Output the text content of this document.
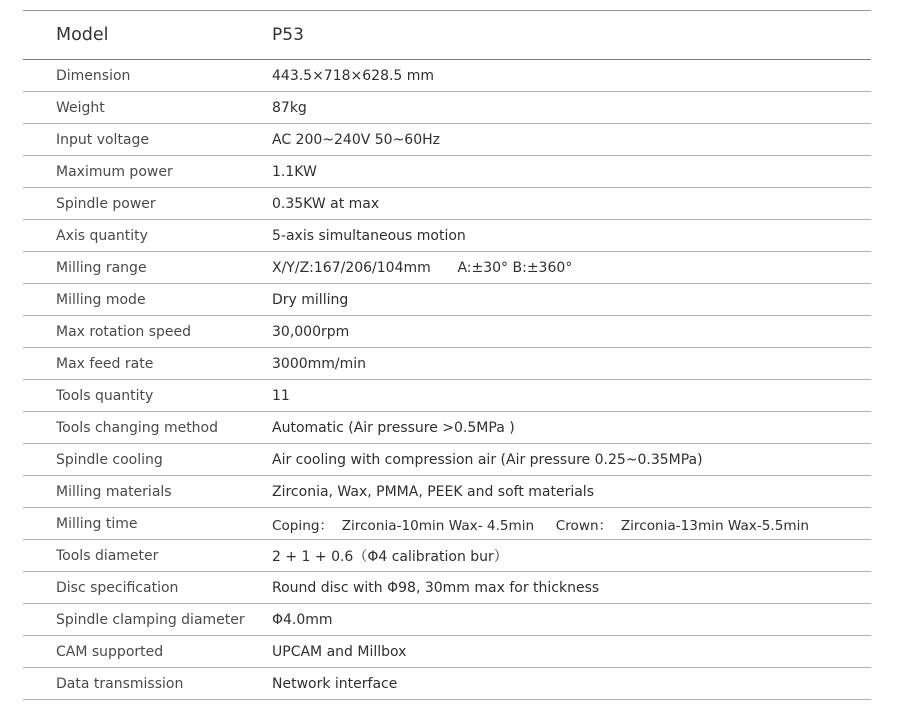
Model	P53
Dimension	443.5×718×628.5 mm
Weight	87kg
Input voltage	AC 200~240V 50~60Hz
Maximum power	1.1KW
Spindle power	0.35KW at max
Axis quantity	5-axis simultaneous motion
Milling range	X/Y/Z:167/206/104mm      A:±30° B:±360°
Milling mode	Dry milling
Max rotation speed	30,000rpm
Max feed rate	3000mm/min
Tools quantity	11
Tools changing method	Automatic (Air pressure >0.5MPa )
Spindle cooling	Air cooling with compression air (Air pressure 0.25~0.35MPa)
Milling materials	Zirconia, Wax, PMMA, PEEK and soft materials
Milling time	Coping：  Zirconia-10min Wax- 4.5min     Crown：  Zirconia-13min Wax-5.5min
Tools diameter	2 + 1 + 0.6（Φ4 calibration bur）
Disc specification	Round disc with Φ98, 30mm max for thickness
Spindle clamping diameter	Φ4.0mm
CAM supported	UPCAM and Millbox
Data transmission	Network interface
